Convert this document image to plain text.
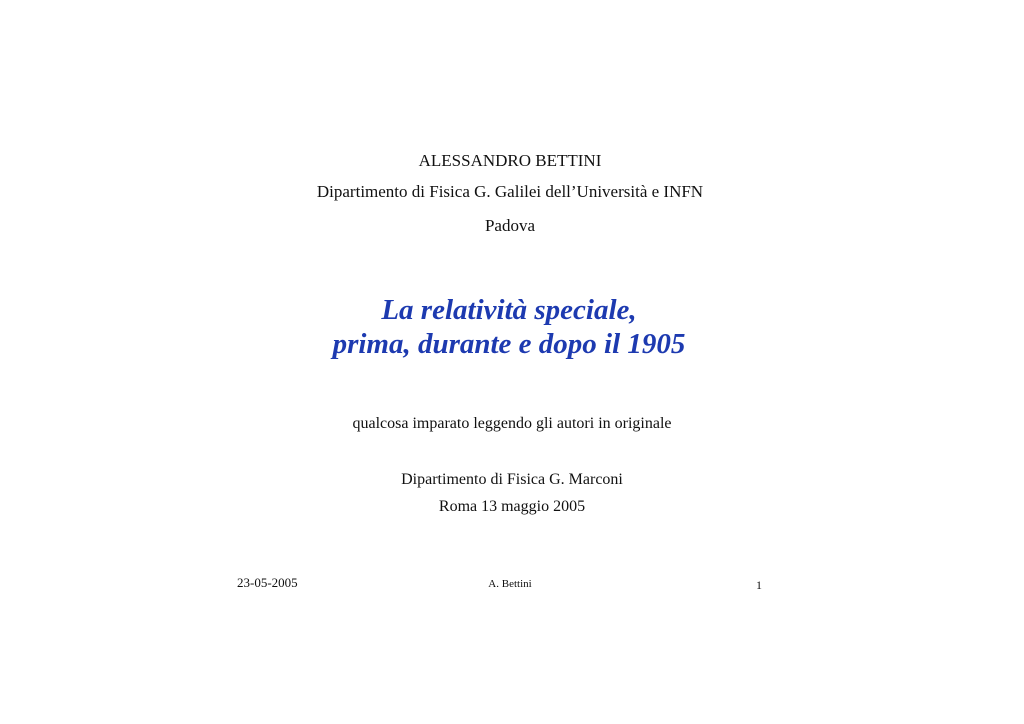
ALESSANDRO BETTINI
Dipartimento di Fisica G. Galilei dell’Università e INFN
Padova
La relatività speciale,
prima, durante e dopo il 1905
qualcosa imparato leggendo gli autori in originale
Dipartimento di Fisica G. Marconi
Roma 13 maggio 2005
23-05-2005	A. Bettini	1
